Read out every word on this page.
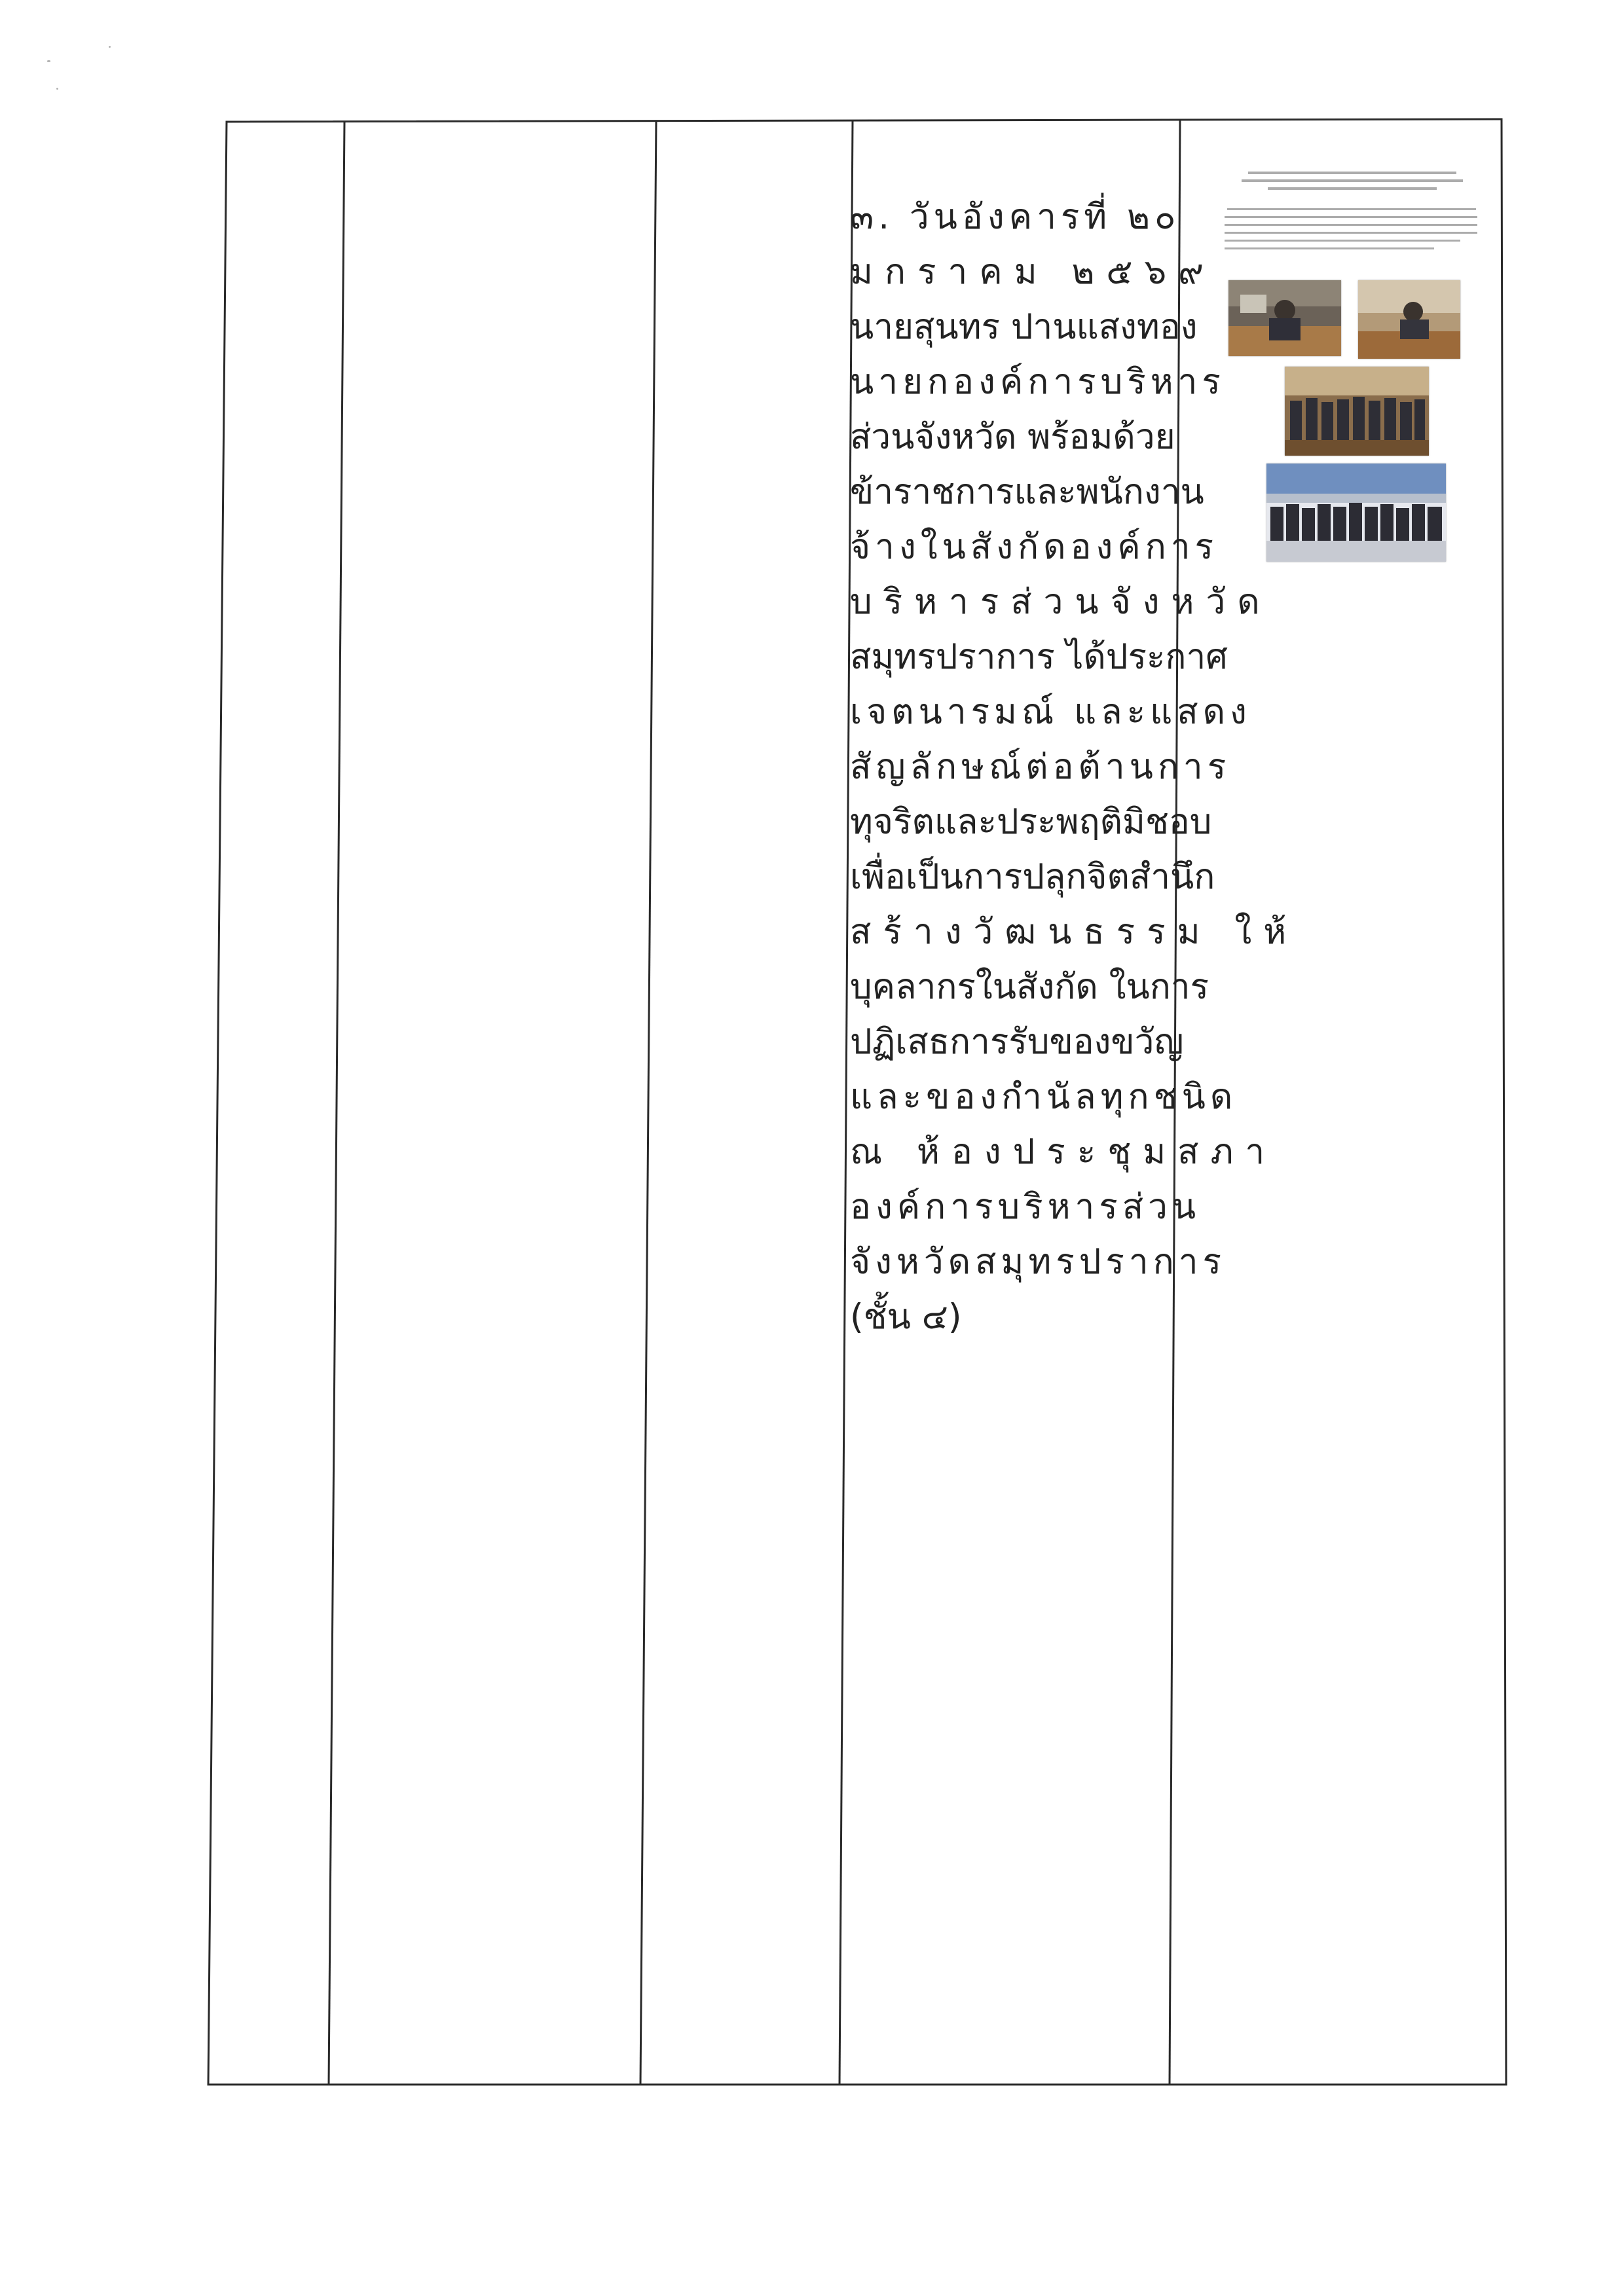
๓. วันอังคารที่ ๒๐

มกราคม ๒๕๖๙

นายสุนทร ปานแสงทอง

นายกองค์การบริหาร

ส่วนจังหวัด พร้อมด้วย

ข้าราชการและพนักงาน

จ้างในสังกัดองค์การ

บริหารส่วนจังหวัด

สมุทรปราการ ได้ประกาศ

เจตนารมณ์ และแสดง

สัญลักษณ์ต่อต้านการ

ทุจริตและประพฤติมิชอบ

เพื่อเป็นการปลุกจิตสำนึก

สร้างวัฒนธรรม ให้

บุคลากรในสังกัด ในการ

ปฏิเสธการรับของขวัญ

และของกำนัลทุกชนิด

ณ ห้องประชุมสภา

องค์การบริหารส่วน

จังหวัดสมุทรปราการ

(ชั้น ๔)
